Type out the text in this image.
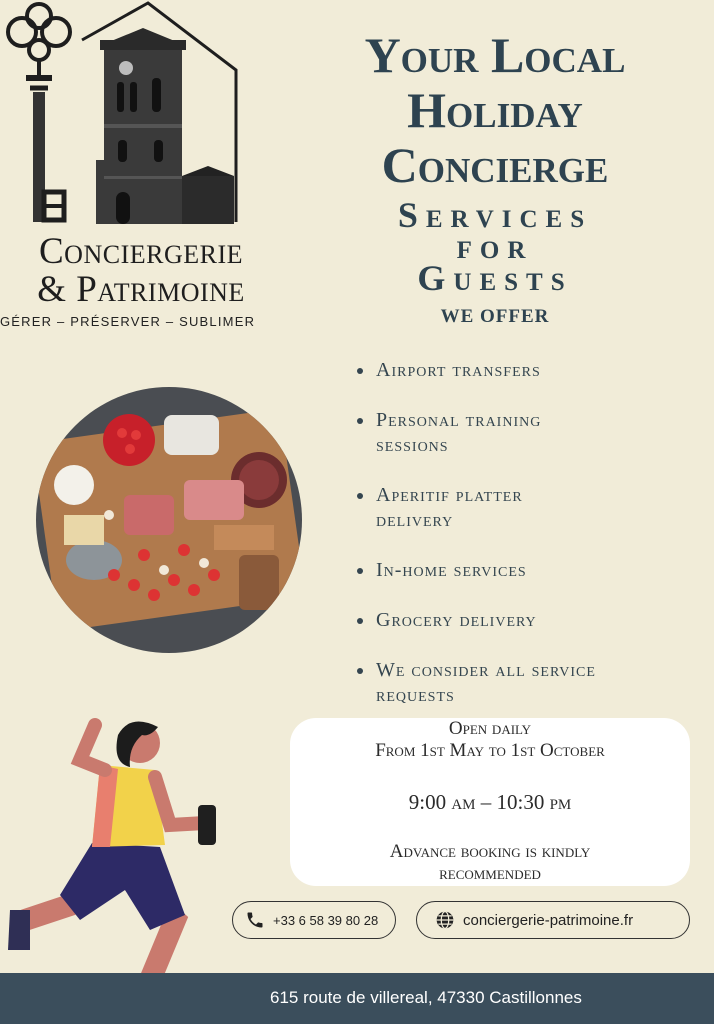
Conciergerie
& Patrimoine
GÉRER – PRÉSERVER – SUBLIMER
Your Local
Holiday
Concierge
Services
for
Guests
WE OFFER
Airport transfers
Personal training sessions
Aperitif platter delivery
In-home services
Grocery delivery
We consider all service requests
Open daily
From 1st May to 1st October
9:00 am – 10:30 pm
Advance booking is kindly
recommended
+33 6 58 39 80 28	conciergerie-patrimoine.fr
615 route de villereal, 47330 Castillonnes
